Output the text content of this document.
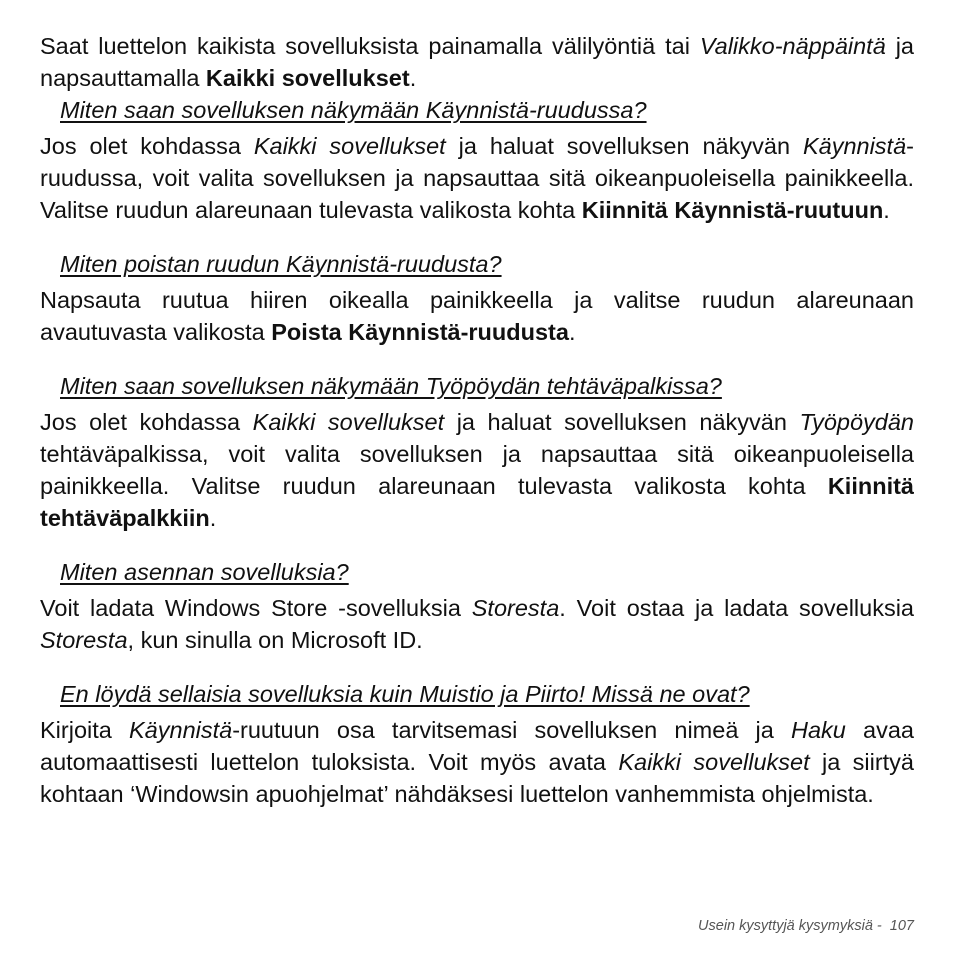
Saat luettelon kaikista sovelluksista painamalla välilyöntiä tai Valikko-näppäintä ja napsauttamalla Kaikki sovellukset.

Miten saan sovelluksen näkymään Käynnistä-ruudussa?

Jos olet kohdassa Kaikki sovellukset ja haluat sovelluksen näkyvän Käynnistä-ruudussa, voit valita sovelluksen ja napsauttaa sitä oikeanpuoleisella painikkeella. Valitse ruudun alareunaan tulevasta valikosta kohta Kiinnitä Käynnistä-ruutuun.

Miten poistan ruudun Käynnistä-ruudusta?

Napsauta ruutua hiiren oikealla painikkeella ja valitse ruudun alareunaan avautuvasta valikosta Poista Käynnistä-ruudusta.

Miten saan sovelluksen näkymään Työpöydän tehtäväpalkissa?

Jos olet kohdassa Kaikki sovellukset ja haluat sovelluksen näkyvän Työpöydän tehtäväpalkissa, voit valita sovelluksen ja napsauttaa sitä oikeanpuoleisella painikkeella. Valitse ruudun alareunaan tulevasta valikosta kohta Kiinnitä tehtäväpalkkiin.

Miten asennan sovelluksia?

Voit ladata Windows Store -sovelluksia Storesta. Voit ostaa ja ladata sovelluksia Storesta, kun sinulla on Microsoft ID.

En löydä sellaisia sovelluksia kuin Muistio ja Piirto! Missä ne ovat?

Kirjoita Käynnistä-ruutuun osa tarvitsemasi sovelluksen nimeä ja Haku avaa automaattisesti luettelon tuloksista. Voit myös avata Kaikki sovellukset ja siirtyä kohtaan ‘Windowsin apuohjelmat’ nähdäksesi luettelon vanhemmista ohjelmista.

Usein kysyttyjä kysymyksiä -  107
